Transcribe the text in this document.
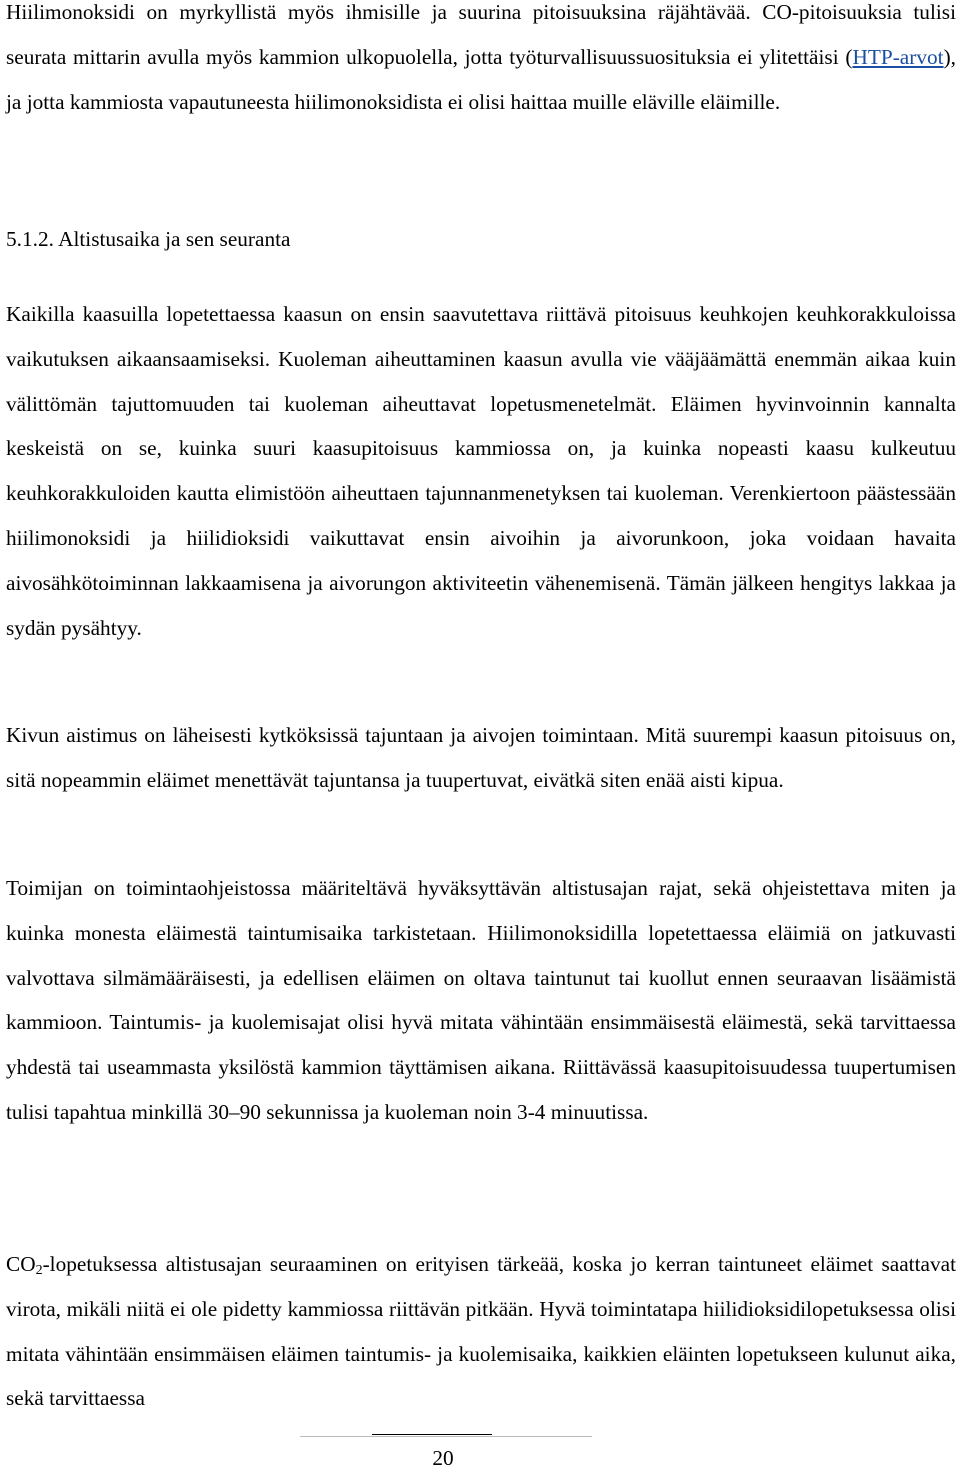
Hiilimonoksidi on myrkyllistä myös ihmisille ja suurina pitoisuuksina räjähtävää. CO-pitoisuuksia tulisi seurata mittarin avulla myös kammion ulkopuolella, jotta työturvallisuussuosituksia ei ylitettäisi (HTP-arvot), ja jotta kammiosta vapautuneesta hiilimonoksidista ei olisi haittaa muille eläville eläimille.

5.1.2. Altistusaika ja sen seuranta

Kaikilla kaasuilla lopetettaessa kaasun on ensin saavutettava riittävä pitoisuus keuhkojen keuhkorakkuloissa vaikutuksen aikaansaamiseksi. Kuoleman aiheuttaminen kaasun avulla vie vääjäämättä enemmän aikaa kuin välittömän tajuttomuuden tai kuoleman aiheuttavat lopetusmenetelmät. Eläimen hyvinvoinnin kannalta keskeistä on se, kuinka suuri kaasupitoisuus kammiossa on, ja kuinka nopeasti kaasu kulkeutuu keuhkorakkuloiden kautta elimistöön aiheuttaen tajunnanmenetyksen tai kuoleman. Verenkiertoon päästessään hiilimonoksidi ja hiilidioksidi vaikuttavat ensin aivoihin ja aivorunkoon, joka voidaan havaita aivosähkötoiminnan lakkaamisena ja aivorungon aktiviteetin vähenemisenä. Tämän jälkeen hengitys lakkaa ja sydän pysähtyy.

Kivun aistimus on läheisesti kytköksissä tajuntaan ja aivojen toimintaan. Mitä suurempi kaasun pitoisuus on, sitä nopeammin eläimet menettävät tajuntansa ja tuupertuvat, eivätkä siten enää aisti kipua.

Toimijan on toimintaohjeistossa määriteltävä hyväksyttävän altistusajan rajat, sekä ohjeistettava miten ja kuinka monesta eläimestä taintumisaika tarkistetaan. Hiilimonoksidilla lopetettaessa eläimiä on jatkuvasti valvottava silmämääräisesti, ja edellisen eläimen on oltava taintunut tai kuollut ennen seuraavan lisäämistä kammioon. Taintumis- ja kuolemisajat olisi hyvä mitata vähintään ensimmäisestä eläimestä, sekä tarvittaessa yhdestä tai useammasta yksilöstä kammion täyttämisen aikana. Riittävässä kaasupitoisuudessa tuupertumisen tulisi tapahtua minkillä 30–90 sekunnissa ja kuoleman noin 3-4 minuutissa.

$CO_2$-lopetuksessa altistusajan seuraaminen on erityisen tärkeää, koska jo kerran taintuneet eläimet saattavat virota, mikäli niitä ei ole pidetty kammiossa riittävän pitkään. Hyvä toimintatapa hiilidioksidilopetuksessa olisi mitata vähintään ensimmäisen eläimen taintumis- ja kuolemisaika, kaikkien eläinten lopetukseen kulunut aika, sekä tarvittaessa

20
